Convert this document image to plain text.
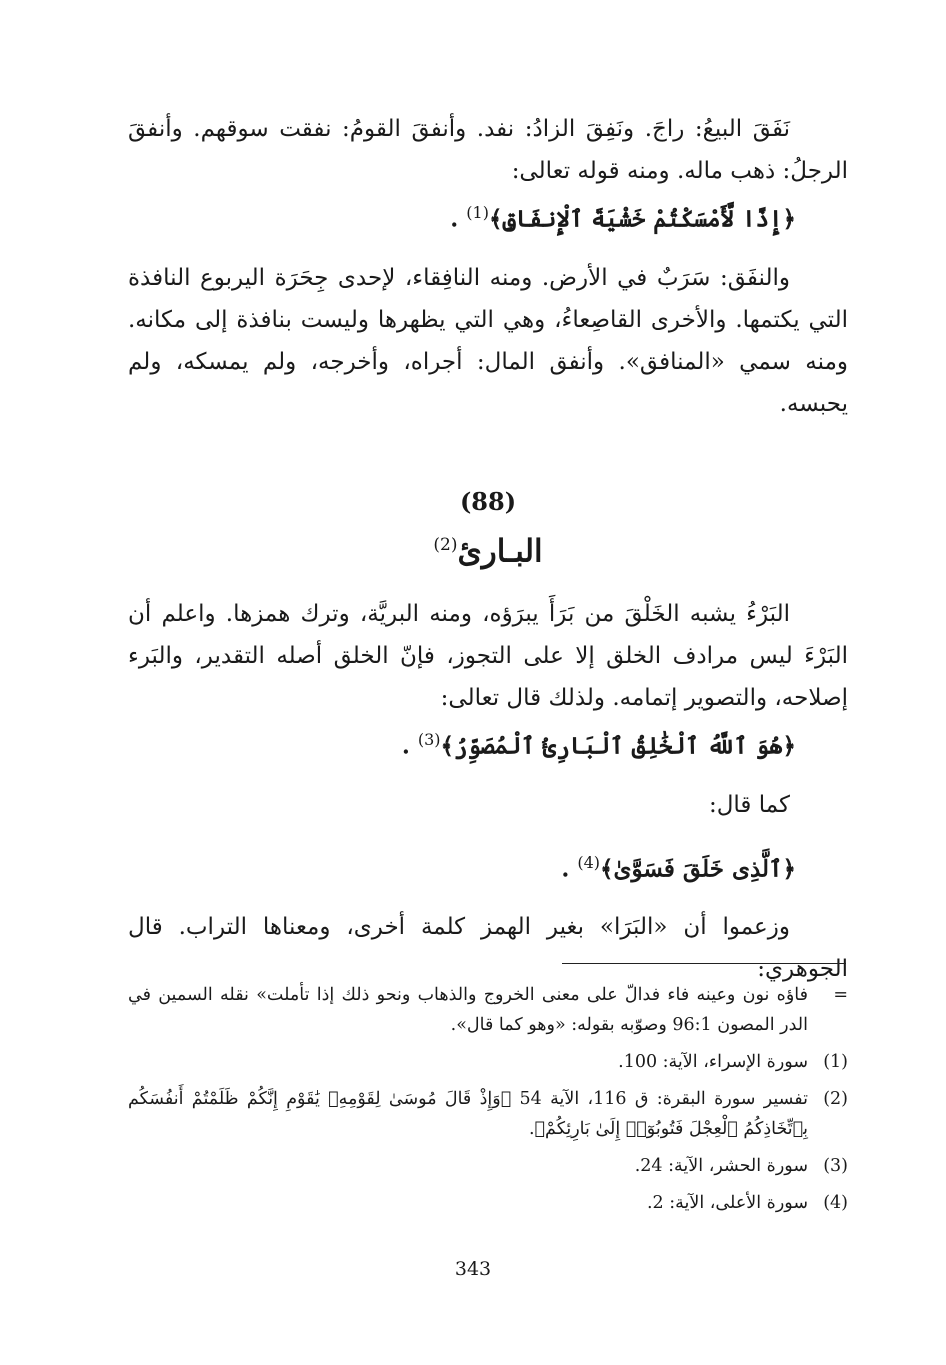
نَفَقَ البيعُ: راجَ. ونَفِقَ الزادُ: نفد. وأنفقَ القومُ: نفقت سوقهم. وأنفقَ الرجلُ: ذهب ماله. ومنه قوله تعالى:

﴿إِذًا لَّأَمْسَكْتُمْ خَشْيَةَ ٱلْإِنفَاقِ﴾$^{(1)}$ .

والنفَق: سَرَبٌ في الأرض. ومنه النافِقاء، لإحدى جِحَرَة اليربوع النافذة التي يكتمها. والأخرى القاصِعاءُ، وهي التي يظهرها وليست بنافذة إلى مكانه. ومنه سمي «المنافق». وأنفق المال: أجراه، وأخرجه، ولم يمسكه، ولم يحبسه.

(88)
البـارئ$^{(2)}$

البَرْءُ يشبه الخَلْقَ من بَرَأَ يبرَؤه، ومنه البريَّة، وترك همزها. واعلم أن البَرْءَ ليس مرادف الخلق إلا على التجوز، فإنّ الخلق أصله التقدير، والبَرء إصلاحه، والتصوير إتمامه. ولذلك قال تعالى:

﴿هُوَ ٱللَّهُ ٱلْخَٰلِقُ ٱلْبَارِئُ ٱلْمُصَوِّرُ﴾$^{(3)}$ .

كما قال:

﴿ٱلَّذِى خَلَقَ فَسَوَّىٰ﴾$^{(4)}$ .

وزعموا أن «البَرَا» بغير الهمز كلمة أخرى، ومعناها التراب. قال الجوهري:

=
فاؤه نون وعينه فاء فدالّ على معنى الخروج والذهاب ونحو ذلك إذا تأملت» نقله السمين في الدر المصون 96:1 وصوّبه بقوله: «وهو كما قال».
(1)
سورة الإسراء، الآية: 100.
(2)
تفسير سورة البقرة: ق 116، الآية 54 ﴿وَإِذْ قَالَ مُوسَىٰ لِقَوْمِهِۦ يَٰقَوْمِ إِنَّكُمْ ظَلَمْتُمْ أَنفُسَكُم بِٱتِّخَاذِكُمُ ٱلْعِجْلَ فَتُوبُوٓا۟ إِلَىٰ بَارِئِكُمْ﴾.
(3)
سورة الحشر، الآية: 24.
(4)
سورة الأعلى، الآية: 2.
343
